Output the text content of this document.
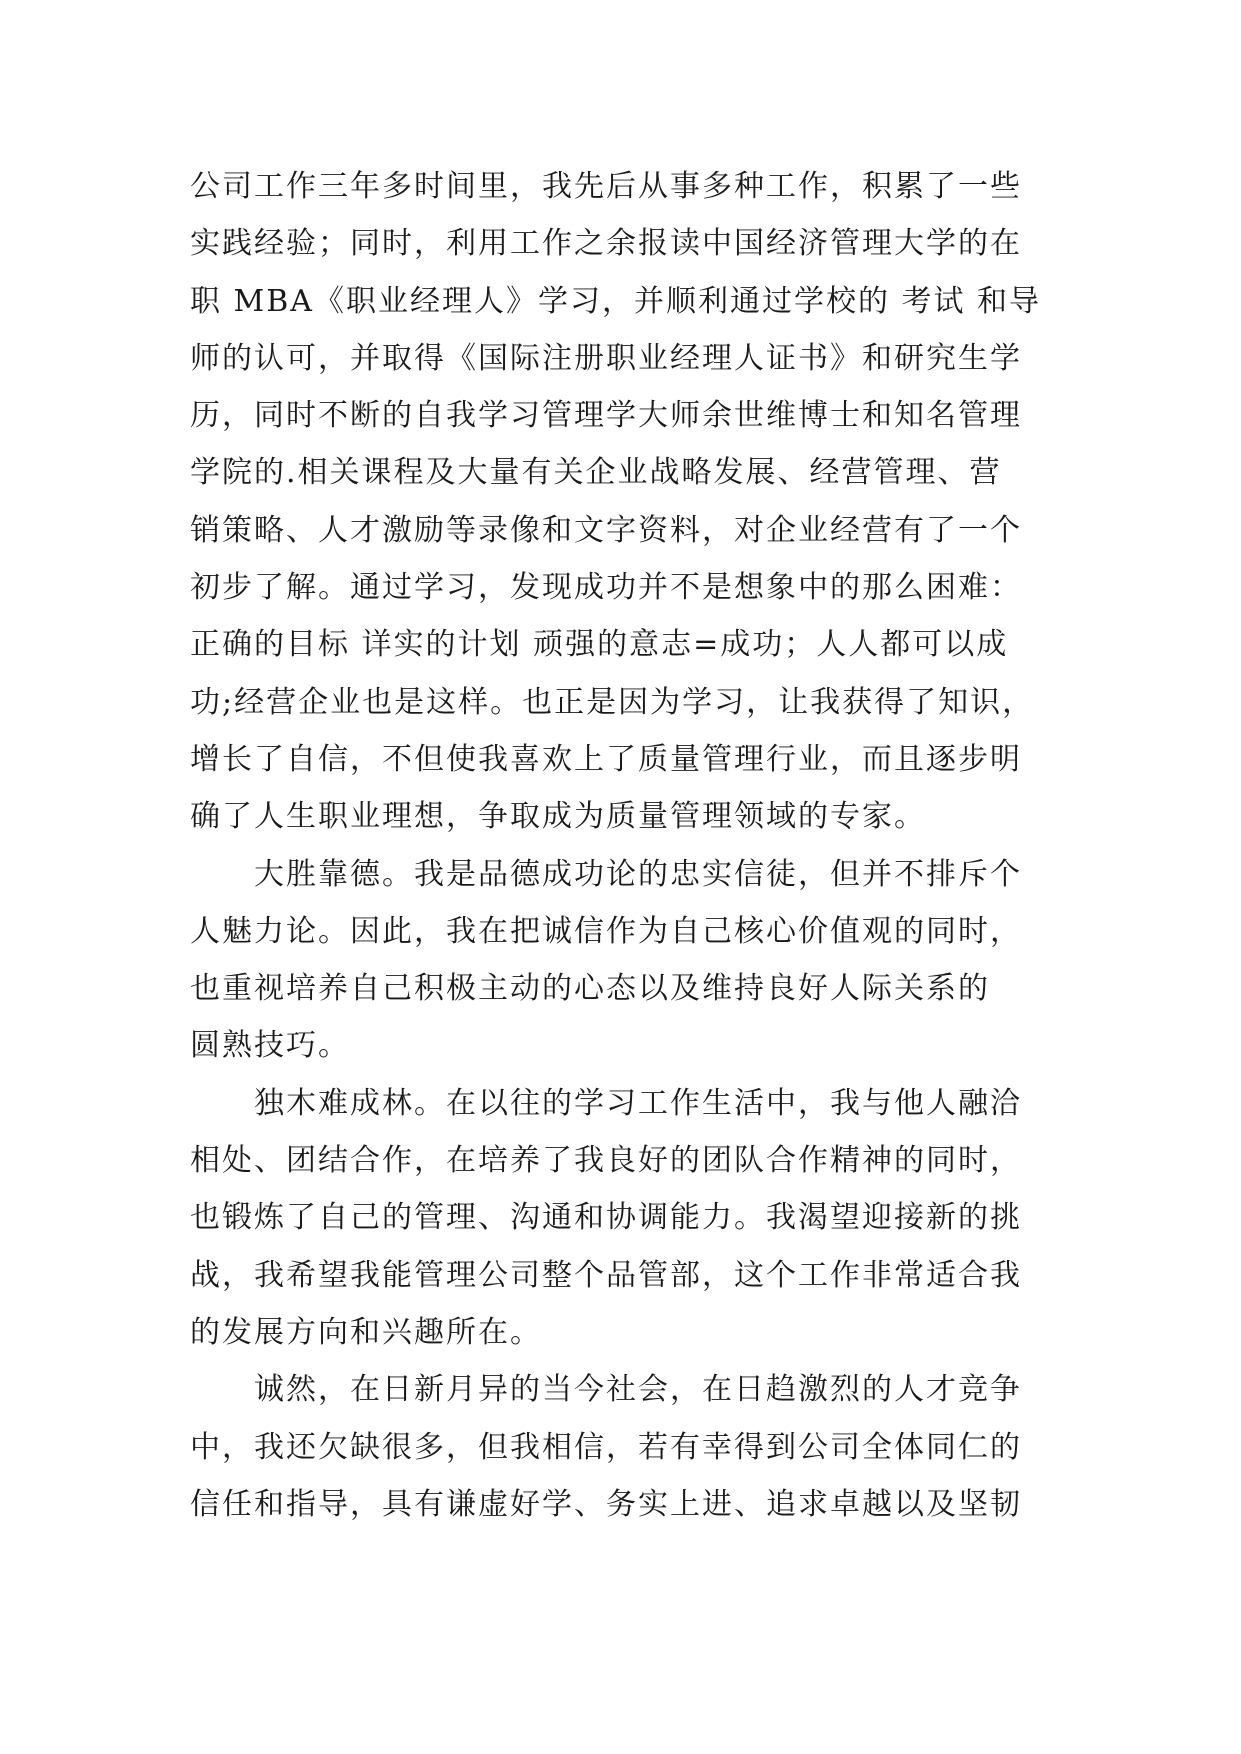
公司工作三年多时间里，我先后从事多种工作，积累了一些
实践经验；同时，利用工作之余报读中国经济管理大学的在
职 MBA《职业经理人》学习，并顺利通过学校的 考试 和导
师的认可，并取得《国际注册职业经理人证书》和研究生学
历，同时不断的自我学习管理学大师余世维博士和知名管理
学院的.相关课程及大量有关企业战略发展、经营管理、营
销策略、人才激励等录像和文字资料，对企业经营有了一个
初步了解。通过学习，发现成功并不是想象中的那么困难：
正确的目标 详实的计划 顽强的意志=成功；人人都可以成
功;经营企业也是这样。也正是因为学习，让我获得了知识，
增长了自信，不但使我喜欢上了质量管理行业，而且逐步明
确了人生职业理想，争取成为质量管理领域的专家。

大胜靠德。我是品德成功论的忠实信徒，但并不排斥个
人魅力论。因此，我在把诚信作为自己核心价值观的同时，
也重视培养自己积极主动的心态以及维持良好人际关系的
圆熟技巧。

独木难成林。在以往的学习工作生活中，我与他人融洽
相处、团结合作，在培养了我良好的团队合作精神的同时，
也锻炼了自己的管理、沟通和协调能力。我渴望迎接新的挑
战，我希望我能管理公司整个品管部，这个工作非常适合我
的发展方向和兴趣所在。

诚然，在日新月异的当今社会，在日趋激烈的人才竞争
中，我还欠缺很多，但我相信，若有幸得到公司全体同仁的
信任和指导，具有谦虚好学、务实上进、追求卓越以及坚韧
